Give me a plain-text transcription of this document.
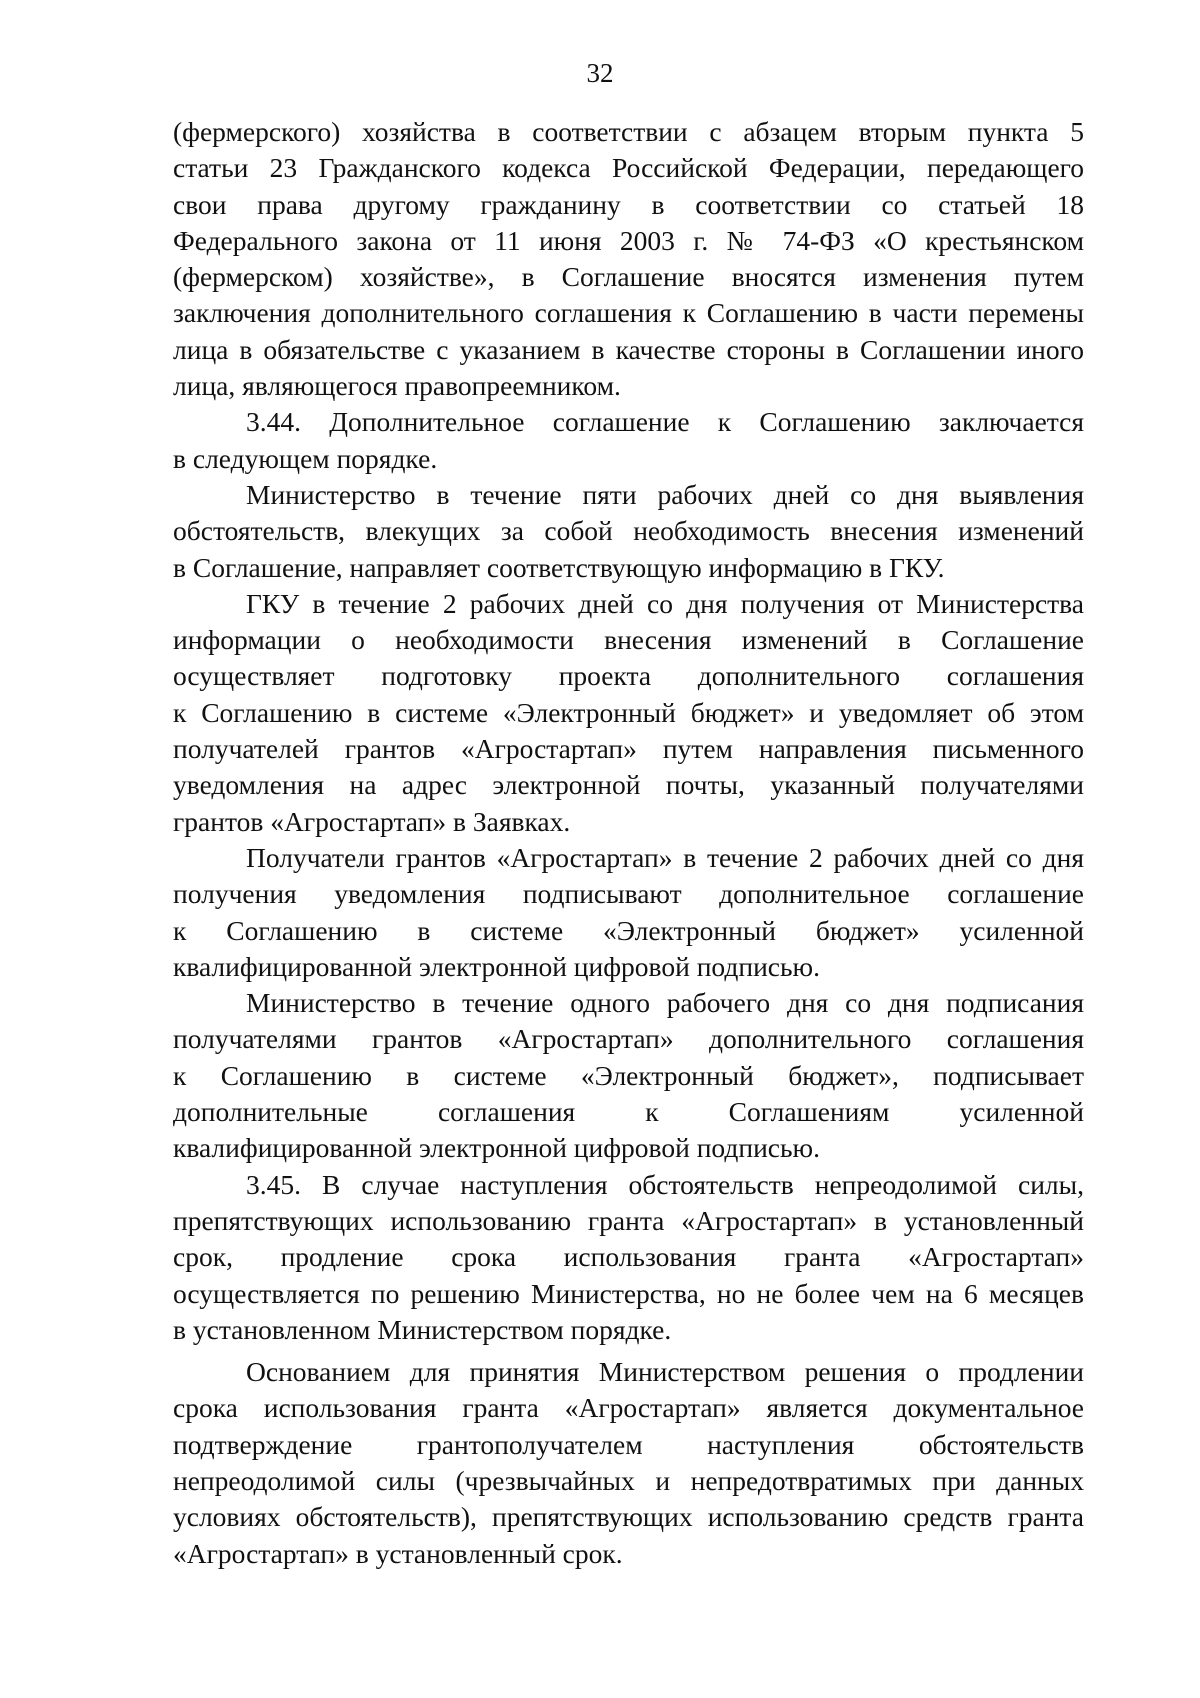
32
(фермерского) хозяйства в соответствии с абзацем вторым пункта 5
статьи 23 Гражданского кодекса Российской Федерации, передающего
свои права другому гражданину в соответствии со статьей 18
Федерального закона от 11 июня 2003 г. № 74-ФЗ «О крестьянском
(фермерском) хозяйстве», в Соглашение вносятся изменения путем
заключения дополнительного соглашения к Соглашению в части перемены
лица в обязательстве с указанием в качестве стороны в Соглашении иного
лица, являющегося правопреемником.
3.44. Дополнительное соглашение к Соглашению заключается
в следующем порядке.
Министерство в течение пяти рабочих дней со дня выявления
обстоятельств, влекущих за собой необходимость внесения изменений
в Соглашение, направляет соответствующую информацию в ГКУ.
ГКУ в течение 2 рабочих дней со дня получения от Министерства
информации о необходимости внесения изменений в Соглашение
осуществляет подготовку проекта дополнительного соглашения
к Соглашению в системе «Электронный бюджет» и уведомляет об этом
получателей грантов «Агростартап» путем направления письменного
уведомления на адрес электронной почты, указанный получателями
грантов «Агростартап» в Заявках.
Получатели грантов «Агростартап» в течение 2 рабочих дней со дня
получения уведомления подписывают дополнительное соглашение
к Соглашению в системе «Электронный бюджет» усиленной
квалифицированной электронной цифровой подписью.
Министерство в течение одного рабочего дня со дня подписания
получателями грантов «Агростартап» дополнительного соглашения
к Соглашению в системе «Электронный бюджет», подписывает
дополнительные соглашения к Соглашениям усиленной
квалифицированной электронной цифровой подписью.
3.45. В случае наступления обстоятельств непреодолимой силы,
препятствующих использованию гранта «Агростартап» в установленный
срок, продление срока использования гранта «Агростартап»
осуществляется по решению Министерства, но не более чем на 6 месяцев
в установленном Министерством порядке.
Основанием для принятия Министерством решения о продлении
срока использования гранта «Агростартап» является документальное
подтверждение грантополучателем наступления обстоятельств
непреодолимой силы (чрезвычайных и непредотвратимых при данных
условиях обстоятельств), препятствующих использованию средств гранта
«Агростартап» в установленный срок.
